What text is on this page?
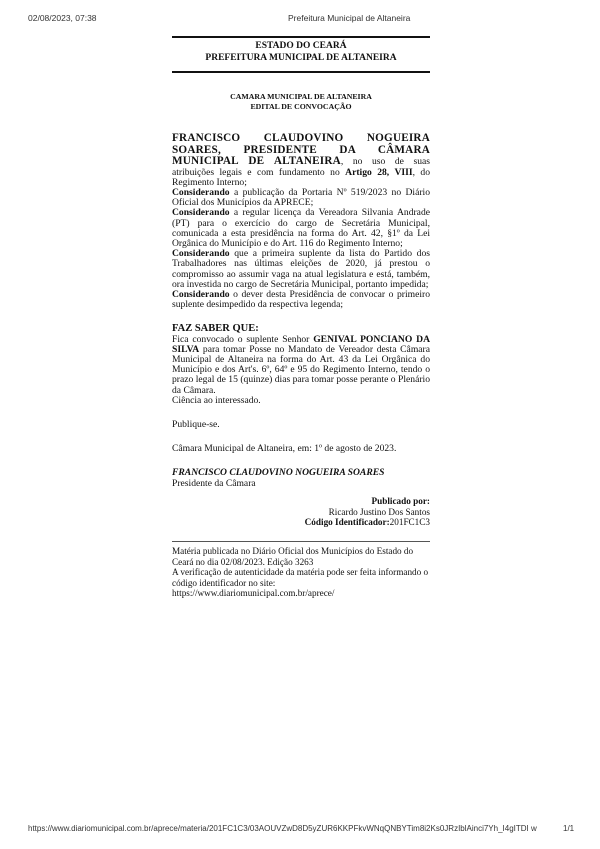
02/08/2023, 07:38	Prefeitura Municipal de Altaneira
ESTADO DO CEARÁ
PREFEITURA MUNICIPAL DE ALTANEIRA
CAMARA MUNICIPAL DE ALTANEIRA
EDITAL DE CONVOCAÇÃO

FRANCISCO CLAUDOVINO NOGUEIRA SOARES, PRESIDENTE DA CÂMARA MUNICIPAL DE ALTANEIRA, no uso de suas atribuições legais e com fundamento no Artigo 28, VIII, do Regimento Interno;

Considerando a publicação da Portaria Nº 519/2023 no Diário Oficial dos Municípios da APRECE;

Considerando a regular licença da Vereadora Silvania Andrade (PT) para o exercício do cargo de Secretária Municipal, comunicada a esta presidência na forma do Art. 42, §1º da Lei Orgânica do Município e do Art. 116 do Regimento Interno;

Considerando que a primeira suplente da lista do Partido dos Trabalhadores nas últimas eleições de 2020, já prestou o compromisso ao assumir vaga na atual legislatura e está, também, ora investida no cargo de Secretária Municipal, portanto impedida;

Considerando o dever desta Presidência de convocar o primeiro suplente desimpedido da respectiva legenda;

FAZ SABER QUE:

Fica convocado o suplente Senhor GENIVAL PONCIANO DA SILVA para tomar Posse no Mandato de Vereador desta Câmara Municipal de Altaneira na forma do Art. 43 da Lei Orgânica do Município e dos Art's. 6º, 64º e 95 do Regimento Interno, tendo o prazo legal de 15 (quinze) dias para tomar posse perante o Plenário da Câmara.

Ciência ao interessado.

Publique-se.

Câmara Municipal de Altaneira, em: 1º de agosto de 2023.

FRANCISCO CLAUDOVINO NOGUEIRA SOARES

Presidente da Câmara

Publicado por:
Ricardo Justino Dos Santos
Código Identificador:201FC1C3
Matéria publicada no Diário Oficial dos Municípios do Estado do Ceará no dia 02/08/2023. Edição 3263
A verificação de autenticidade da matéria pode ser feita informando o código identificador no site:
https://www.diariomunicipal.com.br/aprece/
https://www.diariomunicipal.com.br/aprece/materia/201FC1C3/03AOUVZwD8D5yZUR6KKPFkvWNqQNBYTim8i2Ks0JRzIblAinci7Yh_I4gITDI w	1/1
